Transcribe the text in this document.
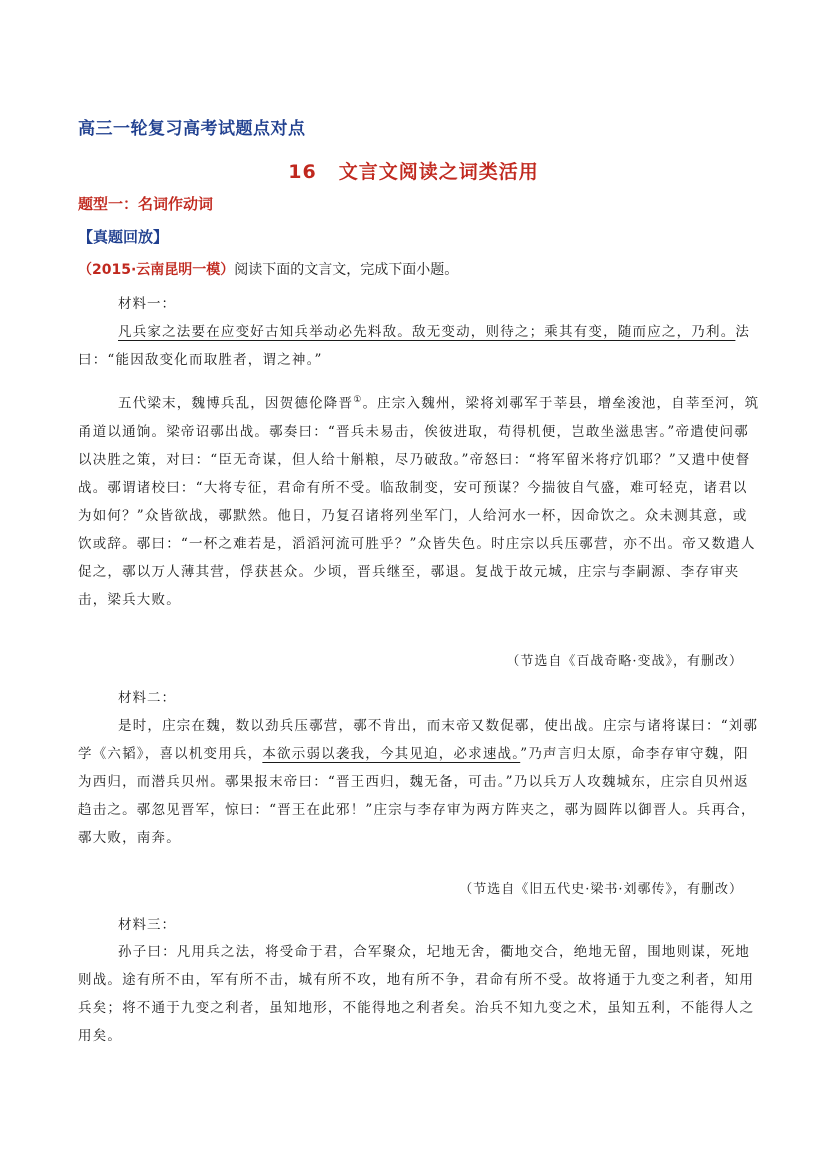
高三一轮复习高考试题点对点
16 文言文阅读之词类活用
题型一：名词作动词
【真题回放】
（2015·云南昆明一模）阅读下面的文言文，完成下面小题。
材料一：
凡兵家之法要在应变好古知兵举动必先料敌。敌无变动，则待之；乘其有变，随而应之，乃利。法
曰：“能因敌变化而取胜者，谓之神。”
五代梁末，魏博兵乱，因贺德伦降晋①。庄宗入魏州，梁将刘鄩军于莘县，增垒浚池，自莘至河，筑
甬道以通饷。梁帝诏鄩出战。鄩奏曰：“晋兵未易击，俟彼进取，苟得机便，岂敢坐滋患害。”帝遣使问鄩
以决胜之策，对曰：“臣无奇谋，但人给十斛粮，尽乃破敌。”帝怒曰：“将军留米将疗饥耶？”又遣中使督
战。鄩谓诸校曰：“大将专征，君命有所不受。临敌制变，安可预谋？今揣彼自气盛，难可轻克，诸君以
为如何？”众皆欲战，鄩默然。他日，乃复召诸将列坐军门，人给河水一杯，因命饮之。众未测其意，或
饮或辞。鄩曰：“一杯之难若是，滔滔河流可胜乎？”众皆失色。时庄宗以兵压鄩营，亦不出。帝又数遣人
促之，鄩以万人薄其营，俘获甚众。少顷，晋兵继至，鄩退。复战于故元城，庄宗与李嗣源、李存审夹
击，梁兵大败。
（节选自《百战奇略·变战》，有删改）
材料二：
是时，庄宗在魏，数以劲兵压鄩营，鄩不肯出，而末帝又数促鄩，使出战。庄宗与诸将谋曰：“刘鄩
学《六韬》，喜以机变用兵，本欲示弱以袭我，今其见迫，必求速战。”乃声言归太原，命李存审守魏，阳
为西归，而潜兵贝州。鄩果报末帝曰：“晋王西归，魏无备，可击。”乃以兵万人攻魏城东，庄宗自贝州返
趋击之。鄩忽见晋军，惊曰：“晋王在此邪！”庄宗与李存审为两方阵夹之，鄩为圆阵以御晋人。兵再合，
鄩大败，南奔。
（节选自《旧五代史·梁书·刘鄩传》，有删改）
材料三：
孙子曰：凡用兵之法，将受命于君，合军聚众，圮地无舍，衢地交合，绝地无留，围地则谋，死地
则战。途有所不由，军有所不击，城有所不攻，地有所不争，君命有所不受。故将通于九变之利者，知用
兵矣；将不通于九变之利者，虽知地形，不能得地之利者矣。治兵不知九变之术，虽知五利，不能得人之
用矣。
